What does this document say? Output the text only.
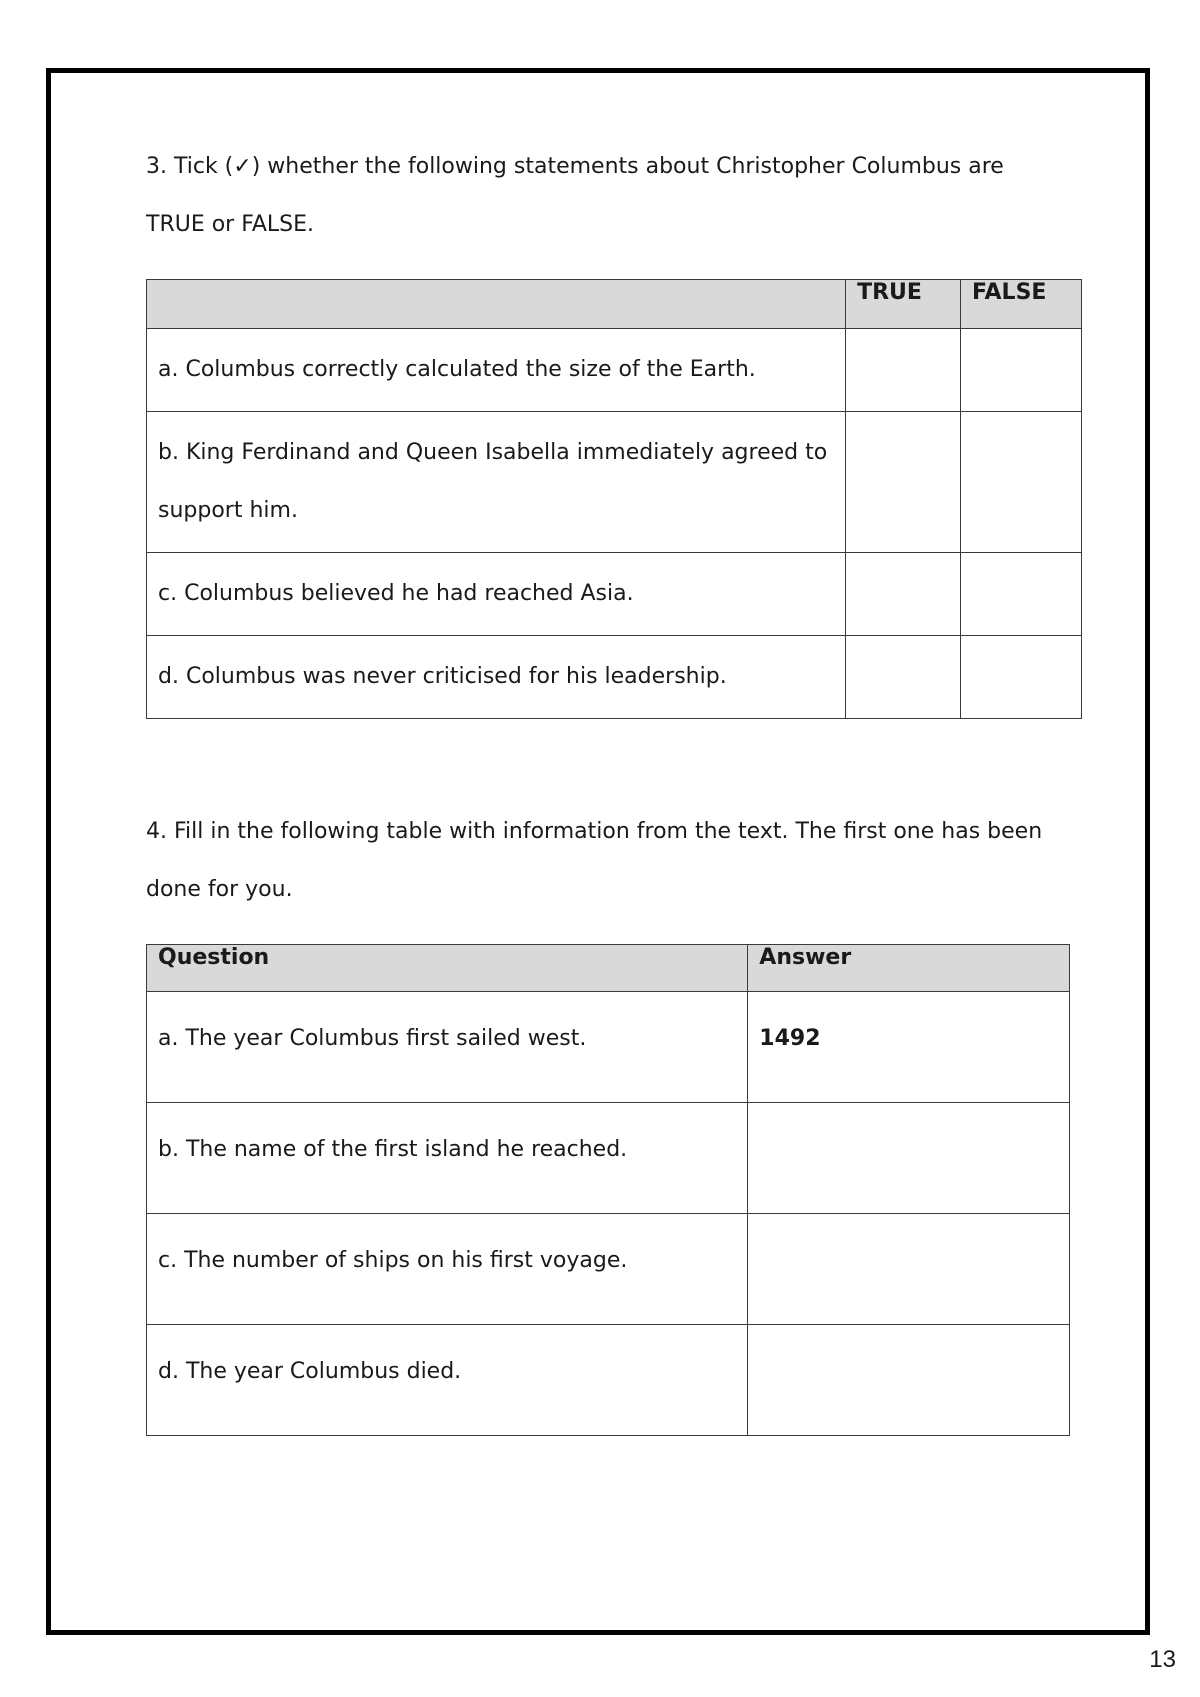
3. Tick (✓) whether the following statements about Christopher Columbus are TRUE or FALSE.

	TRUE	FALSE
a. Columbus correctly calculated the size of the Earth.		
b. King Ferdinand and Queen Isabella immediately agreed to support him.		
c. Columbus believed he had reached Asia.		
d. Columbus was never criticised for his leadership.		

4. Fill in the following table with information from the text. The first one has been done for you.

Question	Answer
a. The year Columbus first sailed west.	1492
b. The name of the first island he reached.	
c. The number of ships on his first voyage.	
d. The year Columbus died.	
13
